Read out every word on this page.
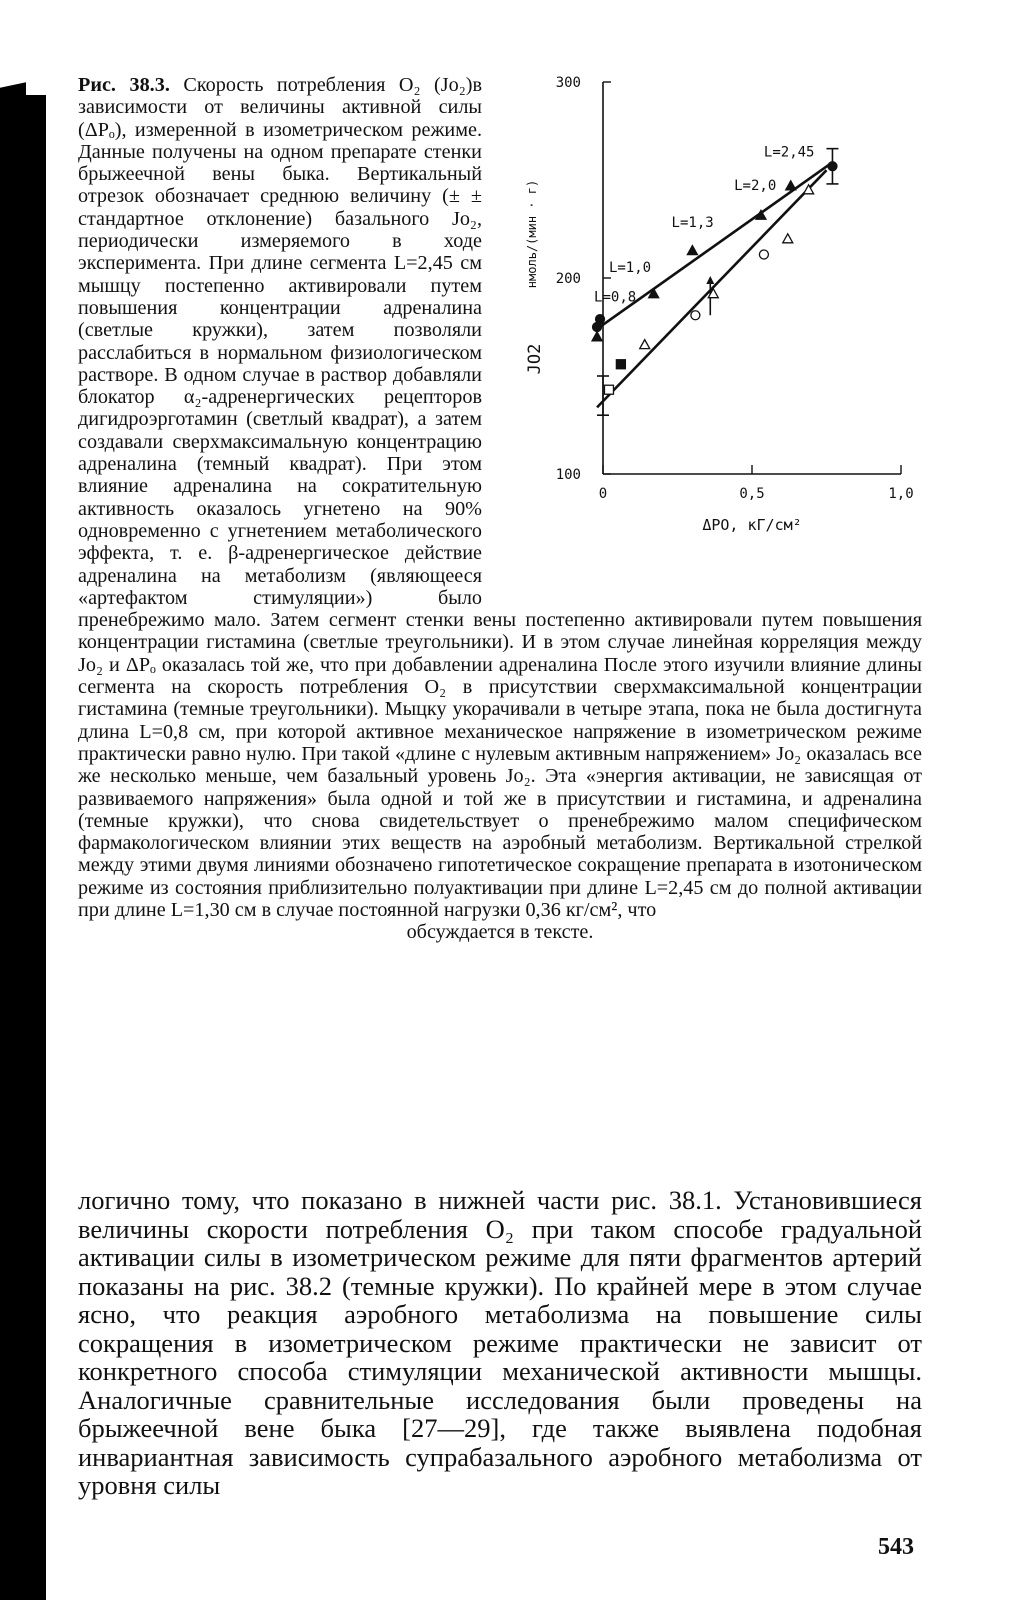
100
200
300
0	0,5	1,0
ΔPO, кГ/см²
JO2
нмоль/(мин · г)
L=2,45
L=2,0
L=1,3
L=1,0
L=0,8
Рис. 38.3. Скорость потребления O₂ (Jo₂)в зависимости от величины активной силы (ΔPₒ), измеренной в изометрическом режиме. Данные получены на одном препарате стенки брыжеечной вены быка. Вертикальный отрезок обозначает среднюю величину (± ± стандартное отклонение) базального Jo₂, периодически измеряемого в ходе эксперимента. При длине сегмента L=2,45 см мышцу постепенно активировали путем повышения концентрации адреналина (светлые кружки), затем позволяли расслабиться в нормальном физиологическом растворе. В одном случае в раствор добавляли блокатор α₂-адренергических рецепторов дигидроэрготамин (светлый квадрат), а затем создавали сверхмаксимальную концентрацию адреналина (темный квадрат). При этом влияние адреналина на сократительную активность оказалось угнетено на 90% одновременно с угнетением метаболического эффекта, т. е. β-адренергическое действие адреналина на метаболизм (являющееся «артефактом стимуляции») было пренебрежимо мало. Затем сегмент стенки вены постепенно активировали путем повышения концентрации гистамина (светлые треугольники). И в этом случае линейная корреляция между Jo₂ и ΔPₒ оказалась той же, что при добавлении адреналина После этого изучили влияние длины сегмента на скорость потребления O₂ в присутствии сверхмаксимальной концентрации гистамина (темные треугольники). Мыцку укорачивали в четыре этапа, пока не была достигнута длина L=0,8 см, при которой активное механическое напряжение в изометрическом режиме практически равно нулю. При такой «длине с нулевым активным напряжением» Jo₂ оказалась все же несколько меньше, чем базальный уровень Jo₂. Эта «энергия активации, не зависящая от развиваемого напряжения» была одной и той же в присутствии и гистамина, и адреналина (темные кружки), что снова свидетельствует о пренебрежимо малом специфическом фармакологическом влиянии этих веществ на аэробный метаболизм. Вертикальной стрелкой между этими двумя линиями обозначено гипотетическое сокращение препарата в изотоническом режиме из состояния приблизительно полуактивации при длине L=2,45 см до полной активации при длине L=1,30 см в случае постоянной нагрузки 0,36 кг/см², что
обсуждается в тексте.
логично тому, что показано в нижней части рис. 38.1. Установившиеся величины скорости потребления O₂ при таком способе градуальной активации силы в изометрическом режиме для пяти фрагментов артерий показаны на рис. 38.2 (темные кружки). По крайней мере в этом случае ясно, что реакция аэробного метаболизма на повышение силы сокращения в изометрическом режиме практически не зависит от конкретного способа стимуляции механической активности мышцы. Аналогичные сравнительные исследования были проведены на брыжеечной вене быка [27—29], где также выявлена подобная инвариантная зависимость супрабазального аэробного метаболизма от уровня силы
543
